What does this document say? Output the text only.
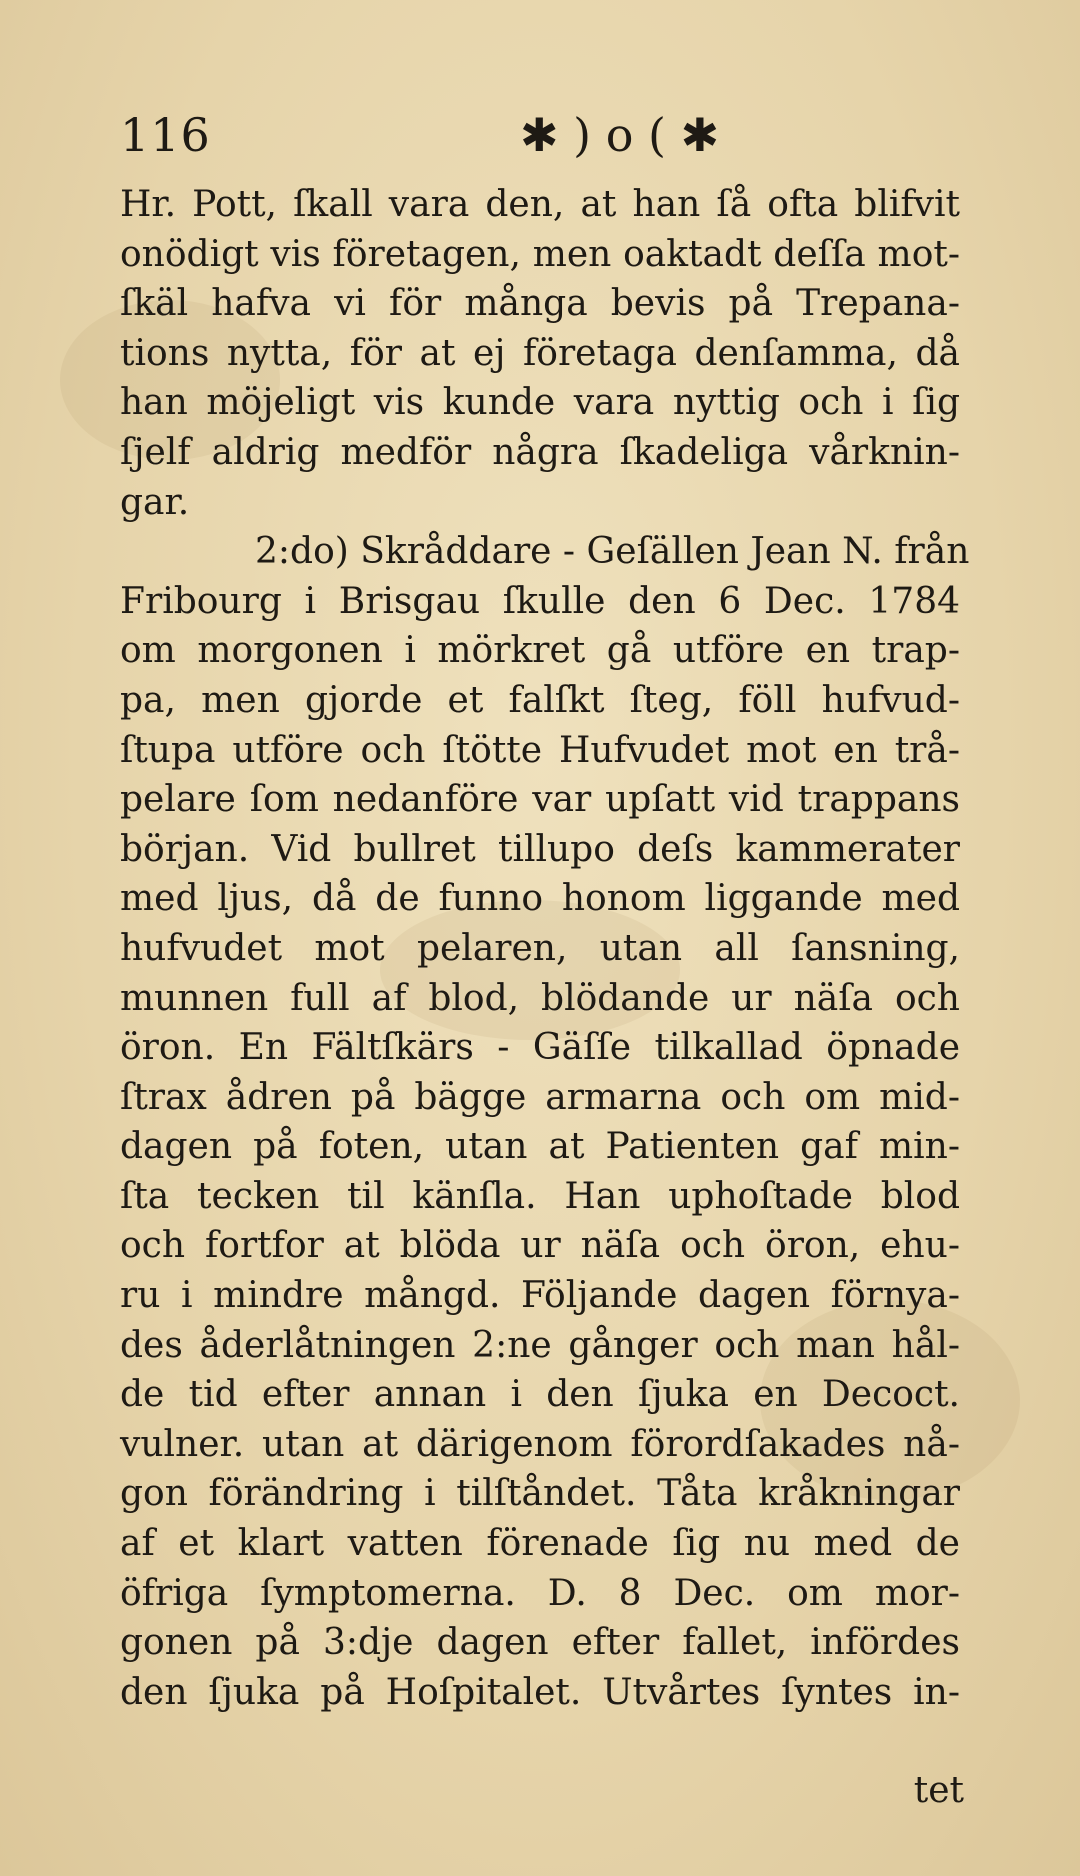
116	✱ ) o ( ✱
Hr. Pott, ſkall vara den, at han ſå ofta blifvit
onödigt vis företagen, men oaktadt deſſa mot-
ſkäl hafva vi för många bevis på Trepana-
tions nytta, för at ej företaga denſamma, då
han möjeligt vis kunde vara nyttig och i ſig
ſjelf aldrig medför några ſkadeliga vårknin-
gar.
2:do) Skråddare - Geſällen Jean N. från
Fribourg i Brisgau ſkulle den 6 Dec. 1784
om morgonen i mörkret gå utföre en trap-
pa, men gjorde et falſkt ſteg, föll hufvud-
ſtupa utföre och ſtötte Hufvudet mot en trå-
pelare ſom nedanföre var upſatt vid trappans
början. Vid bullret tillupo deſs kammerater
med ljus, då de funno honom liggande med
hufvudet mot pelaren, utan all ſansning,
munnen full af blod, blödande ur näſa och
öron. En Fältſkärs - Gäſſe tilkallad öpnade
ſtrax ådren på bägge armarna och om mid-
dagen på foten, utan at Patienten gaf min-
ſta tecken til känſla. Han uphoſtade blod
och fortfor at blöda ur näſa och öron, ehu-
ru i mindre mångd. Följande dagen förnya-
des åderlåtningen 2:ne gånger och man hål-
de tid efter annan i den ſjuka en Decoct.
vulner. utan at därigenom förordſakades nå-
gon förändring i tilſtåndet. Tåta kråkningar
af et klart vatten förenade ſig nu med de
öfriga ſymptomerna. D. 8 Dec. om mor-
gonen på 3:dje dagen efter fallet, infördes
den ſjuka på Hoſpitalet. Utvårtes ſyntes in-
tet
